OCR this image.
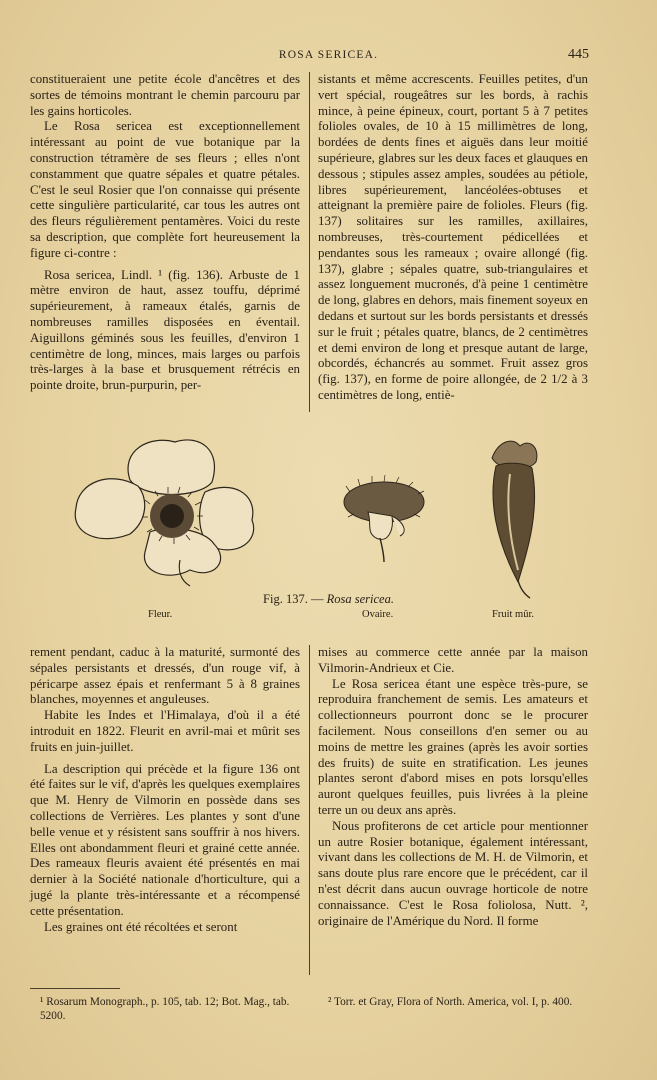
ROSA SERICEA.	445

constitueraient une petite école d'ancêtres et des sortes de témoins montrant le chemin parcouru par les gains horticoles.

Le Rosa sericea est exceptionnellement intéressant au point de vue botanique par la construction tétramère de ses fleurs ; elles n'ont constamment que quatre sépales et quatre pétales. C'est le seul Rosier que l'on connaisse qui présente cette singulière particularité, car tous les autres ont des fleurs régulièrement pentamères. Voici du reste sa description, que complète fort heureusement la figure ci-contre :

Rosa sericea, Lindl. ¹ (fig. 136). Arbuste de 1 mètre environ de haut, assez touffu, déprimé supérieurement, à rameaux étalés, garnis de nombreuses ramilles disposées en éventail. Aiguillons géminés sous les feuilles, d'environ 1 centimètre de long, minces, mais larges ou parfois très-larges à la base et brusquement rétrécis en pointe droite, brun-purpurin, per-

sistants et même accrescents. Feuilles petites, d'un vert spécial, rougeâtres sur les bords, à rachis mince, à peine épineux, court, portant 5 à 7 petites folioles ovales, de 10 à 15 millimètres de long, bordées de dents fines et aiguës dans leur moitié supérieure, glabres sur les deux faces et glauques en dessous ; stipules assez amples, soudées au pétiole, libres supérieurement, lancéolées-obtuses et atteignant la première paire de folioles. Fleurs (fig. 137) solitaires sur les ramilles, axillaires, nombreuses, très-courtement pédicellées et pendantes sous les rameaux ; ovaire allongé (fig. 137), glabre ; sépales quatre, sub-triangulaires et assez longuement mucronés, d'à peine 1 centimètre de long, glabres en dehors, mais finement soyeux en dedans et surtout sur les bords persistants et dressés sur le fruit ; pétales quatre, blancs, de 2 centimètres et demi environ de long et presque autant de large, obcordés, échancrés au sommet. Fruit assez gros (fig. 137), en forme de poire allongée, de 2 1/2 à 3 centimètres de long, entiè-

Fig. 137. — Rosa sericea.
Fleur.	Ovaire.	Fruit mûr.

rement pendant, caduc à la maturité, surmonté des sépales persistants et dressés, d'un rouge vif, à péricarpe assez épais et renfermant 5 à 8 graines blanches, moyennes et anguleuses.

Habite les Indes et l'Himalaya, d'où il a été introduit en 1822. Fleurit en avril-mai et mûrit ses fruits en juin-juillet.

La description qui précède et la figure 136 ont été faites sur le vif, d'après les quelques exemplaires que M. Henry de Vilmorin en possède dans ses collections de Verrières. Les plantes y sont d'une belle venue et y résistent sans souffrir à nos hivers. Elles ont abondamment fleuri et grainé cette année. Des rameaux fleuris avaient été présentés en mai dernier à la Société nationale d'horticulture, qui a jugé la plante très-intéressante et a récompensé cette présentation.

Les graines ont été récoltées et seront

mises au commerce cette année par la maison Vilmorin-Andrieux et Cie.

Le Rosa sericea étant une espèce très-pure, se reproduira franchement de semis. Les amateurs et collectionneurs pourront donc se le procurer facilement. Nous conseillons d'en semer ou au moins de mettre les graines (après les avoir sorties des fruits) de suite en stratification. Les jeunes plantes seront d'abord mises en pots lorsqu'elles auront quelques feuilles, puis livrées à la pleine terre un ou deux ans après.

Nous profiterons de cet article pour mentionner un autre Rosier botanique, également intéressant, vivant dans les collections de M. H. de Vilmorin, et sans doute plus rare encore que le précédent, car il n'est décrit dans aucun ouvrage horticole de notre connaissance. C'est le Rosa foliolosa, Nutt. ², originaire de l'Amérique du Nord. Il forme

¹ Rosarum Monograph., p. 105, tab. 12; Bot. Mag., tab. 5200.
² Torr. et Gray, Flora of North. America, vol. I, p. 400.
